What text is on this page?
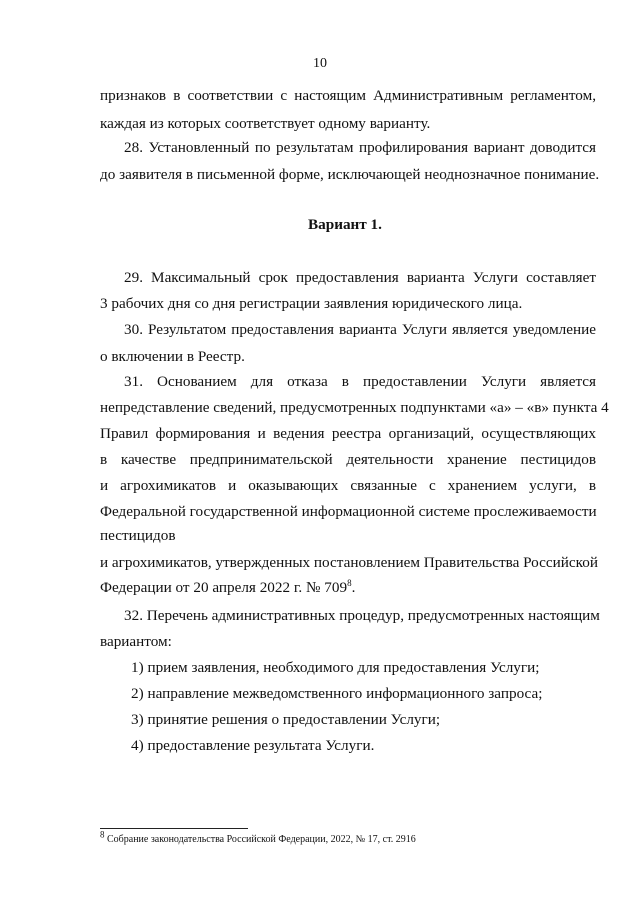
10
признаков в соответствии с настоящим Административным регламентом,
каждая из которых соответствует одному варианту.
28. Установленный по результатам профилирования вариант доводится
до заявителя в письменной форме, исключающей неоднозначное понимание.
Вариант 1.
29. Максимальный срок предоставления варианта Услуги составляет
3 рабочих дня со дня регистрации заявления юридического лица.
30. Результатом предоставления варианта Услуги является уведомление
о включении в Реестр.
31. Основанием для отказа в предоставлении Услуги является
непредставление сведений, предусмотренных подпунктами «а» – «в» пункта 4
Правил формирования и ведения реестра организаций, осуществляющих
в качестве предпринимательской деятельности хранение пестицидов
и агрохимикатов и оказывающих связанные с хранением услуги, в
Федеральной государственной информационной системе прослеживаемости
пестицидов
и агрохимикатов, утвержденных постановлением Правительства Российской
Федерации от 20 апреля 2022 г. № $709^8$.
32. Перечень административных процедур, предусмотренных настоящим
вариантом:
1) прием заявления, необходимого для предоставления Услуги;
2) направление межведомственного информационного запроса;
3) принятие решения о предоставлении Услуги;
4) предоставление результата Услуги.
$^8$ Собрание законодательства Российской Федерации, 2022, № 17, ст. 2916
